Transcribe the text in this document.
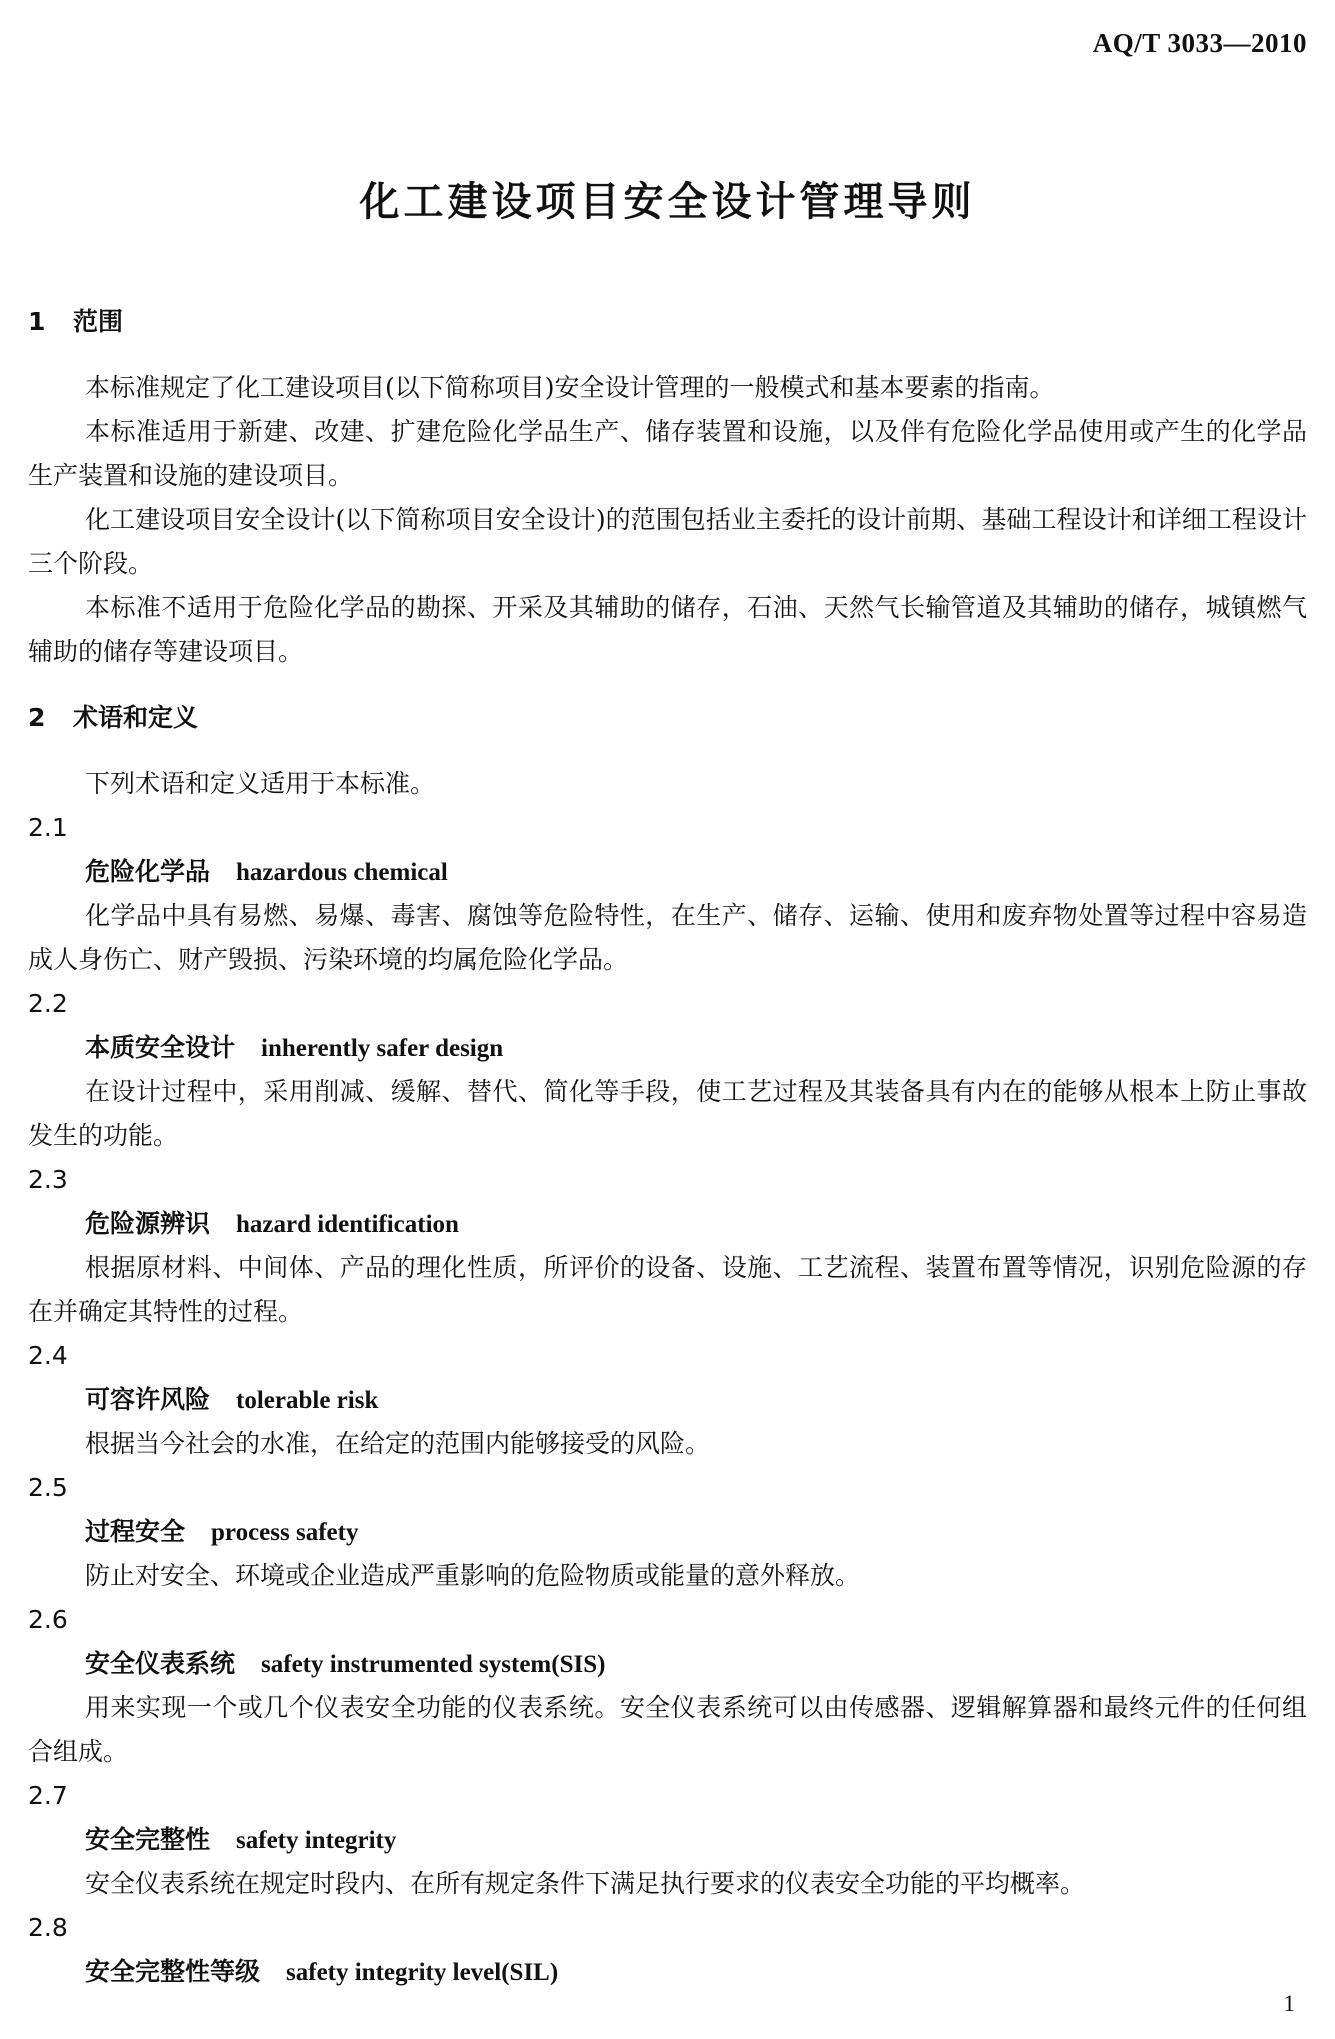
AQ/T 3033—2010
化工建设项目安全设计管理导则
1 范围

本标准规定了化工建设项目(以下简称项目)安全设计管理的一般模式和基本要素的指南。

本标准适用于新建、改建、扩建危险化学品生产、储存装置和设施，以及伴有危险化学品使用或产生的化学品生产装置和设施的建设项目。

化工建设项目安全设计(以下简称项目安全设计)的范围包括业主委托的设计前期、基础工程设计和详细工程设计三个阶段。

本标准不适用于危险化学品的勘探、开采及其辅助的储存，石油、天然气长输管道及其辅助的储存，城镇燃气辅助的储存等建设项目。

2 术语和定义

下列术语和定义适用于本标准。

2.1
危险化学品 hazardous chemical

化学品中具有易燃、易爆、毒害、腐蚀等危险特性，在生产、储存、运输、使用和废弃物处置等过程中容易造成人身伤亡、财产毁损、污染环境的均属危险化学品。

2.2
本质安全设计 inherently safer design

在设计过程中，采用削减、缓解、替代、简化等手段，使工艺过程及其装备具有内在的能够从根本上防止事故发生的功能。

2.3
危险源辨识 hazard identification

根据原材料、中间体、产品的理化性质，所评价的设备、设施、工艺流程、装置布置等情况，识别危险源的存在并确定其特性的过程。

2.4
可容许风险 tolerable risk

根据当今社会的水准，在给定的范围内能够接受的风险。

2.5
过程安全 process safety

防止对安全、环境或企业造成严重影响的危险物质或能量的意外释放。

2.6
安全仪表系统 safety instrumented system(SIS)

用来实现一个或几个仪表安全功能的仪表系统。安全仪表系统可以由传感器、逻辑解算器和最终元件的任何组合组成。

2.7
安全完整性 safety integrity

安全仪表系统在规定时段内、在所有规定条件下满足执行要求的仪表安全功能的平均概率。

2.8
安全完整性等级 safety integrity level(SIL)
1
